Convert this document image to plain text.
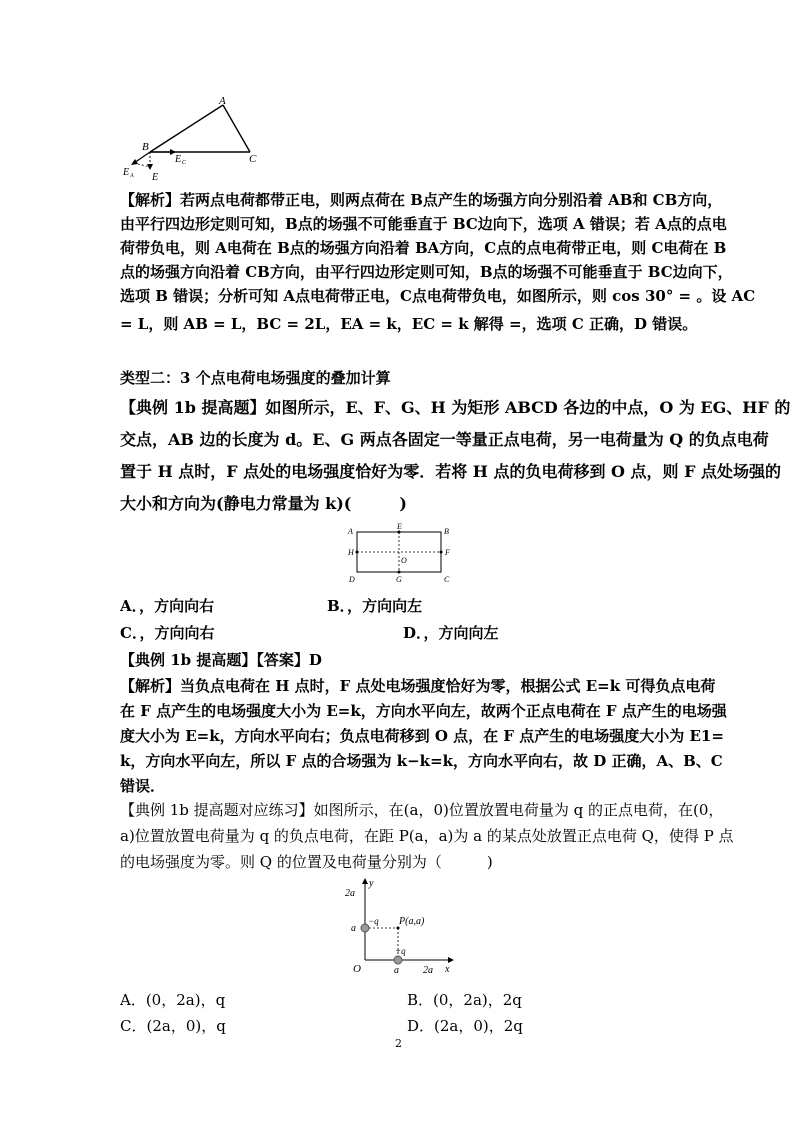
A
B
C
E C
E A E
【解析】若两点电荷都带正电，则两点荷在 B点产生的场强方向分别沿着 AB和 CB方向，
由平行四边形定则可知，B点的场强不可能垂直于 BC边向下，选项 A 错误；若 A点的点电
荷带负电，则 A电荷在 B点的场强方向沿着 BA方向，C点的点电荷带正电，则 C电荷在 B
点的场强方向沿着 CB方向，由平行四边形定则可知，B点的场强不可能垂直于 BC边向下，
选项 B 错误；分析可知 A点电荷带正电，C点电荷带负电，如图所示，则 cos 30° = 。设 AC
= L，则 AB = L，BC = 2L，EA = k，EC = k 解得 =，选项 C 正确，D 错误。
类型二：3 个点电荷电场强度的叠加计算
【典例 1b 提高题】如图所示，E、F、G、H 为矩形 ABCD 各边的中点，O 为 EG、HF 的
交点，AB 边的长度为 d。E、G 两点各固定一等量正点电荷，另一电荷量为 Q 的负点电荷
置于 H 点时，F 点处的电场强度恰好为零．若将 H 点的负电荷移到 O 点，则 F 点处场强的
大小和方向为(静电力常量为 k)(　　　)
A	B
C
D
E
F
G
H
O
A．，方向向右	B．，方向向左
C．，方向向右	D．，方向向左
【典例 1b 提高题】【答案】D
【解析】当负点电荷在 H 点时，F 点处电场强度恰好为零，根据公式 E=k 可得负点电荷
在 F 点产生的电场强度大小为 E=k，方向水平向左，故两个正点电荷在 F 点产生的电场强
度大小为 E=k，方向水平向右；负点电荷移到 O 点，在 F 点产生的电场强度大小为 E1=
k，方向水平向左，所以 F 点的合场强为 k−k=k，方向水平向右，故 D 正确，A、B、C
错误．
【典例 1b 提高题对应练习】如图所示，在(a，0)位置放置电荷量为 q 的正点电荷，在(0，
a)位置放置电荷量为 q 的负点电荷，在距 P(a，a)为 a 的某点处放置正点电荷 Q，使得 P 点
的电场强度为零。则 Q 的位置及电荷量分别为（　　　)
y
x
O
2a
a
a 2a
−q
+q
P(a,a)
A．(0，2a)，q	B．(0，2a)，2q
C．(2a，0)，q	D．(2a，0)，2q
2
